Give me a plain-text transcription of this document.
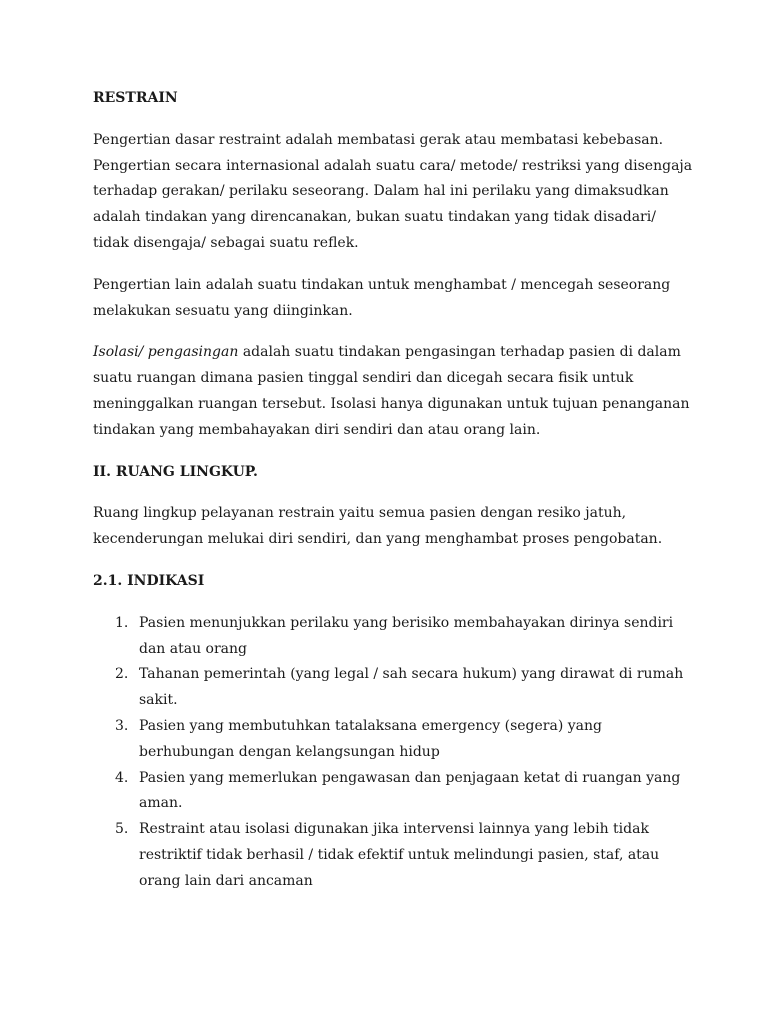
RESTRAIN

Pengertian dasar restraint adalah membatasi gerak atau membatasi kebebasan. Pengertian secara internasional adalah suatu cara/ metode/ restriksi yang disengaja terhadap gerakan/ perilaku seseorang. Dalam hal ini perilaku yang dimaksudkan adalah tindakan yang direncanakan, bukan suatu tindakan yang tidak disadari/ tidak disengaja/ sebagai suatu reflek.

Pengertian lain adalah suatu tindakan untuk menghambat / mencegah seseorang melakukan sesuatu yang diinginkan.

Isolasi/ pengasingan adalah suatu tindakan pengasingan terhadap pasien di dalam suatu ruangan dimana pasien tinggal sendiri dan dicegah secara fisik untuk meninggalkan ruangan tersebut. Isolasi hanya digunakan untuk tujuan penanganan tindakan yang membahayakan diri sendiri dan atau orang lain.

II. RUANG LINGKUP.

Ruang lingkup pelayanan restrain yaitu semua pasien dengan resiko jatuh, kecenderungan melukai diri sendiri, dan yang menghambat proses pengobatan.

2.1. INDIKASI

1. Pasien menunjukkan perilaku yang berisiko membahayakan dirinya sendiri dan atau orang
2. Tahanan pemerintah (yang legal / sah secara hukum) yang dirawat di rumah sakit.
3. Pasien yang membutuhkan tatalaksana emergency (segera) yang berhubungan dengan kelangsungan hidup
4. Pasien yang memerlukan pengawasan dan penjagaan ketat di ruangan yang aman.
5. Restraint atau isolasi digunakan jika intervensi lainnya yang lebih tidak restriktif tidak berhasil / tidak efektif untuk melindungi pasien, staf, atau orang lain dari ancaman
